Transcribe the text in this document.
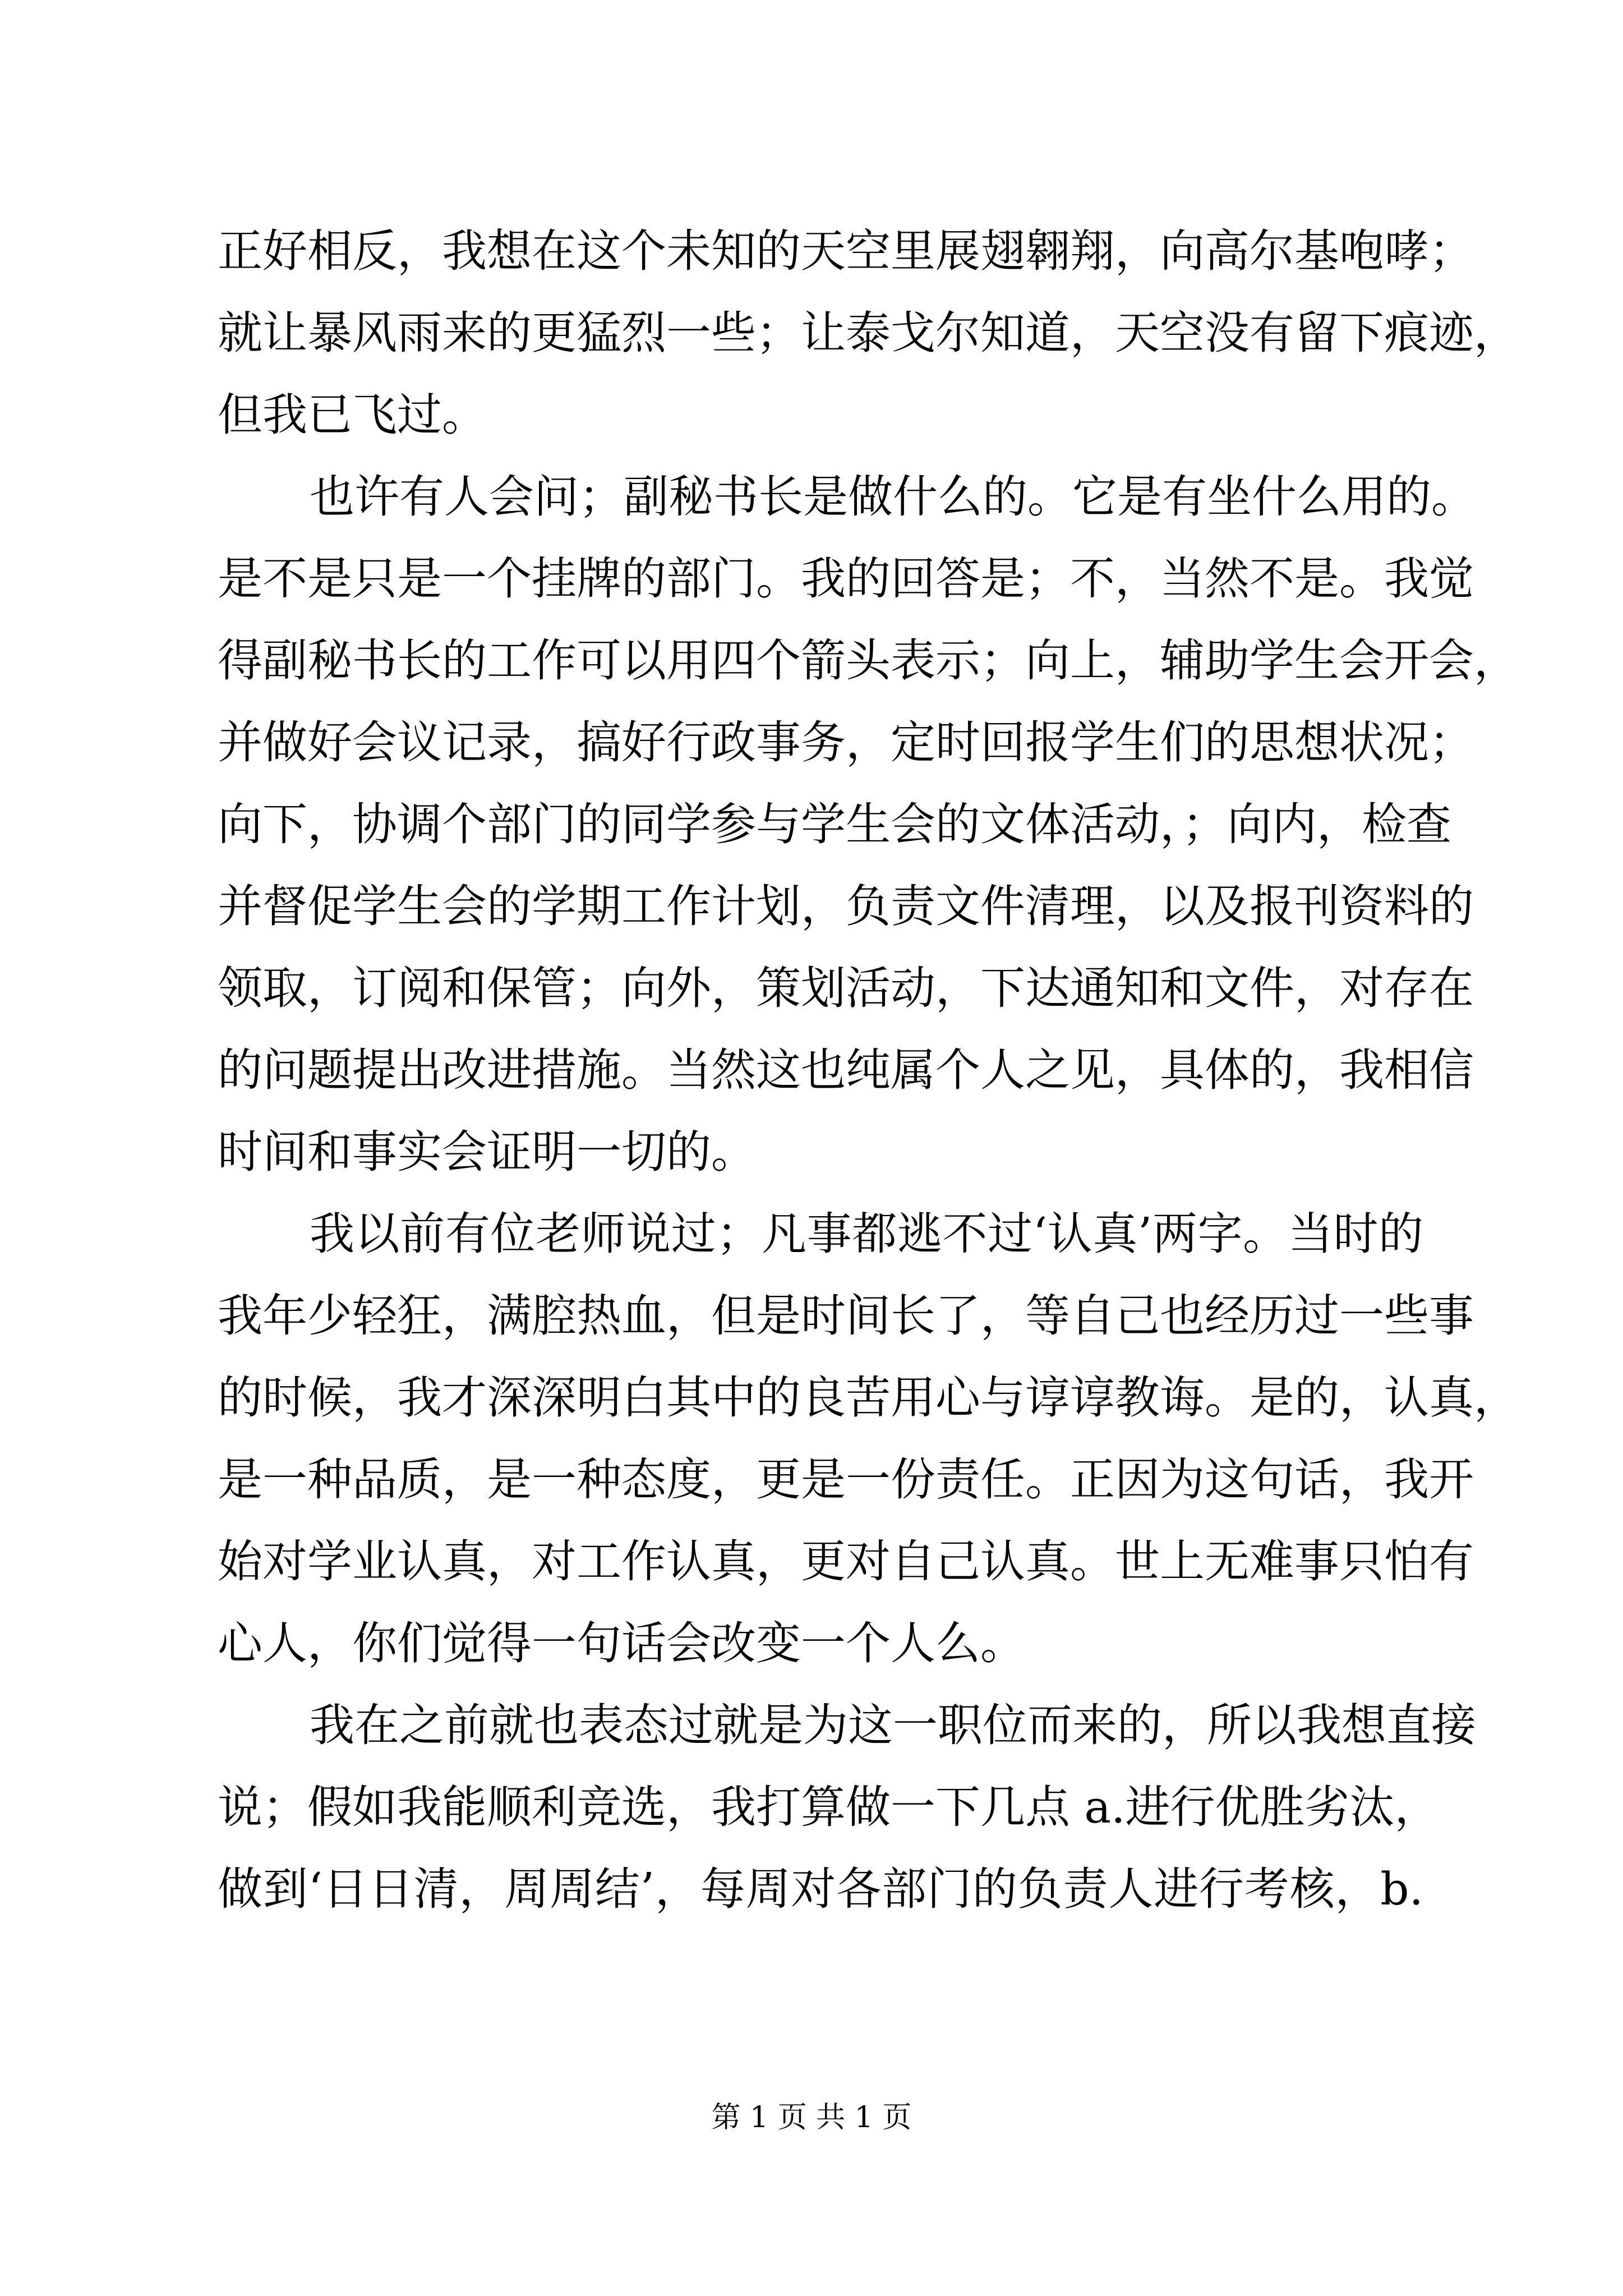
正好相反，我想在这个未知的天空里展翅翱翔，向高尔基咆哮；
就让暴风雨来的更猛烈一些；让泰戈尔知道，天空没有留下痕迹，
但我已飞过。
也许有人会问；副秘书长是做什么的。它是有坐什么用的。
是不是只是一个挂牌的部门。我的回答是；不，当然不是。我觉
得副秘书长的工作可以用四个箭头表示；向上，辅助学生会开会，
并做好会议记录，搞好行政事务，定时回报学生们的思想状况；
向下，协调个部门的同学参与学生会的文体活动，；向内，检查
并督促学生会的学期工作计划，负责文件清理，以及报刊资料的
领取，订阅和保管；向外，策划活动，下达通知和文件，对存在
的问题提出改进措施。当然这也纯属个人之见，具体的，我相信
时间和事实会证明一切的。
我以前有位老师说过；凡事都逃不过‘认真’两字。当时的
我年少轻狂，满腔热血，但是时间长了，等自己也经历过一些事
的时候，我才深深明白其中的良苦用心与谆谆教诲。是的，认真，
是一种品质，是一种态度，更是一份责任。正因为这句话，我开
始对学业认真，对工作认真，更对自己认真。世上无难事只怕有
心人，你们觉得一句话会改变一个人么。
我在之前就也表态过就是为这一职位而来的，所以我想直接
说；假如我能顺利竞选，我打算做一下几点 a.进行优胜劣汰，
做到‘日日清，周周结’，每周对各部门的负责人进行考核，b.
第 1 页 共 1 页
